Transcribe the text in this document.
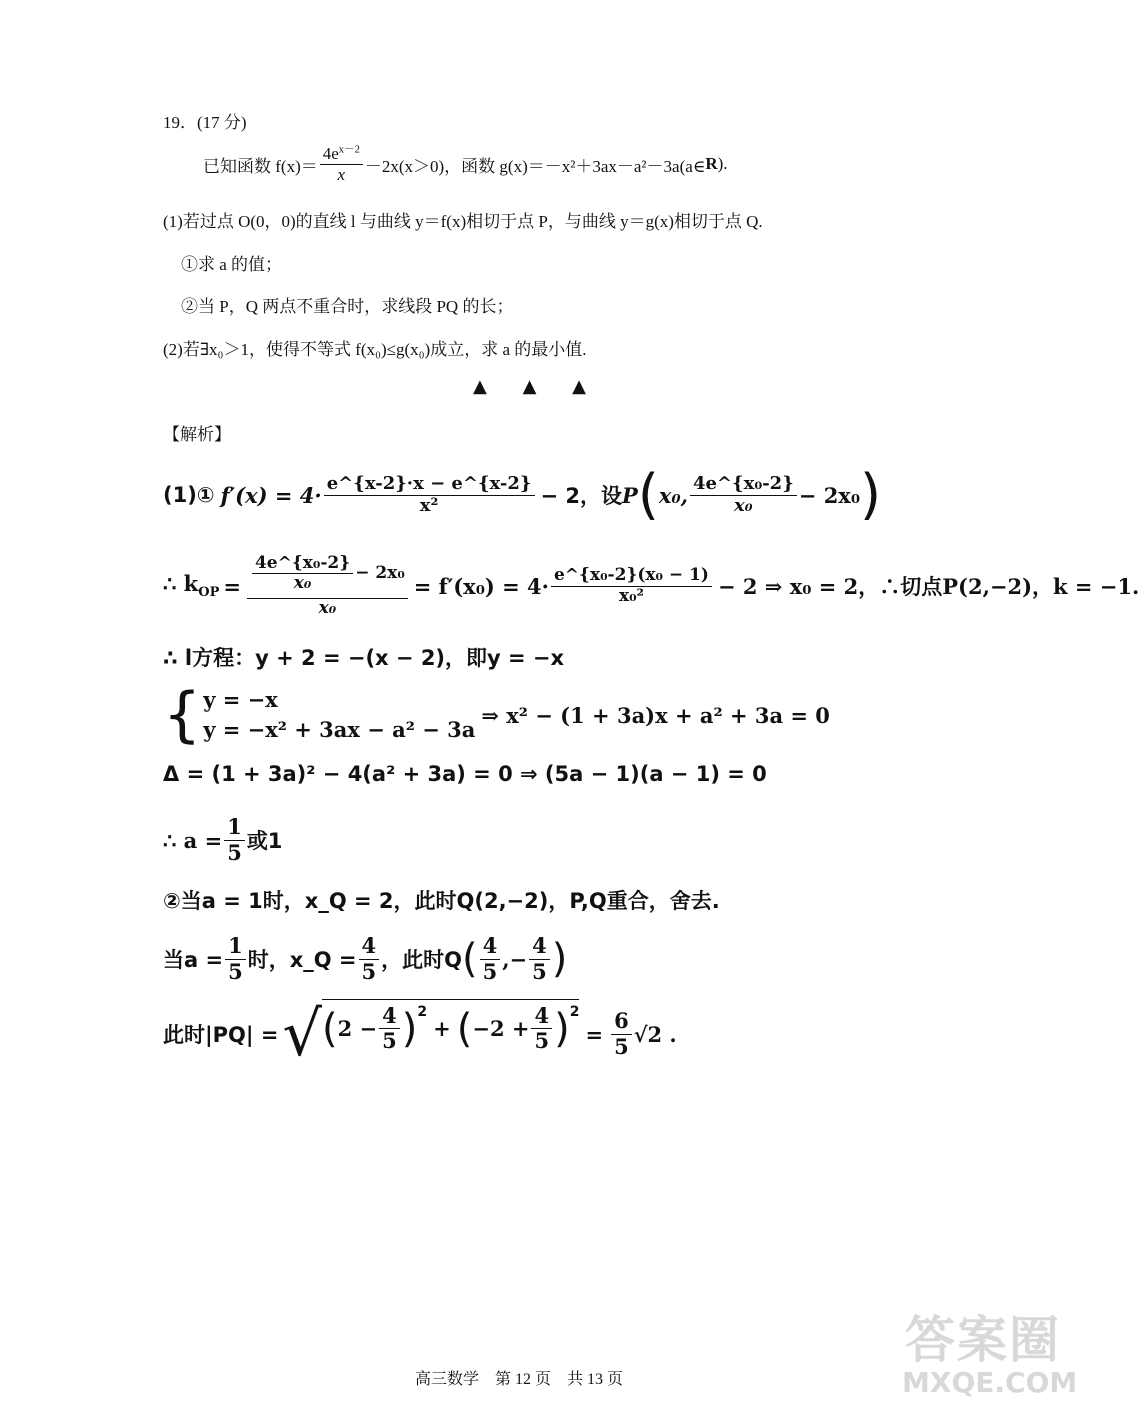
19．(17 分)
已知函数 $f(x)= \frac{4e^{x-2}}{x} -2x(x>0)$，函数 g(x)＝－x²＋3ax－a²－3a(a∈ R ).
(1)若过点 O(0，0)的直线 l 与曲线 y＝f(x)相切于点 P，与曲线 y＝g(x)相切于点 Q.
①求 a 的值；
②当 P，Q 两点不重合时，求线段 PQ 的长；
(2)若∃x₀＞1，使得不等式 f(x₀)≤g(x₀)成立，求 a 的最小值.
▲ ▲ ▲
【解析】
(1)① $f'(x) = 4\cdot \frac{e\^{}\{x-2\}\cdot x - e\^{}\{x-2\}}{\text{x²}} - 2$，设 P ( x₀, $\frac{\text{4e\textasciicircum{}\{x₀-2\}}}{\text{x₀}} - 2x_0$ )
∴ $k_{OP} = \frac{\frac{\text{4e\textasciicircum{}\{x₀-2\}}}{\text{x₀}} - 2x_0}{\text{x₀}} = f'(x_0) = 4\cdot \frac{\text{e\textasciicircum{}\{x₀-2\}(x₀ − 1)}}{\text{x₀²}} - 2$ ⇒ x₀ = 2，∴切点P(2,−2)，k = −1.
∴ l方程：y + 2 = −(x − 2)，即y = −x
{ y = −x
y = −x² + 3ax − a² − 3a
⇒ x² − (1 + 3a)x + a² + 3a = 0
Δ = (1 + 3a)² − 4(a² + 3a) = 0 ⇒ (5a − 1)(a − 1) = 0
∴ $a = \frac{1}{5}$ 或1
②当a = 1时，x_Q = 2，此时Q(2,−2)，P,Q重合，舍去.
当$a = \frac{1}{5}$ 时，x_Q = $\frac{4}{5}$ ，此时Q ( $\frac{4}{5}$ ,− $\frac{4}{5}$ )
此时|PQ| = √ ( $2 - \frac{4}{5} )^2$
+ ( $-2 + \frac{4}{5} )^2$
= $\frac{6}{5} √2$ .
高三数学　第 12 页　共 13 页
答案圈
MXQE.COM
